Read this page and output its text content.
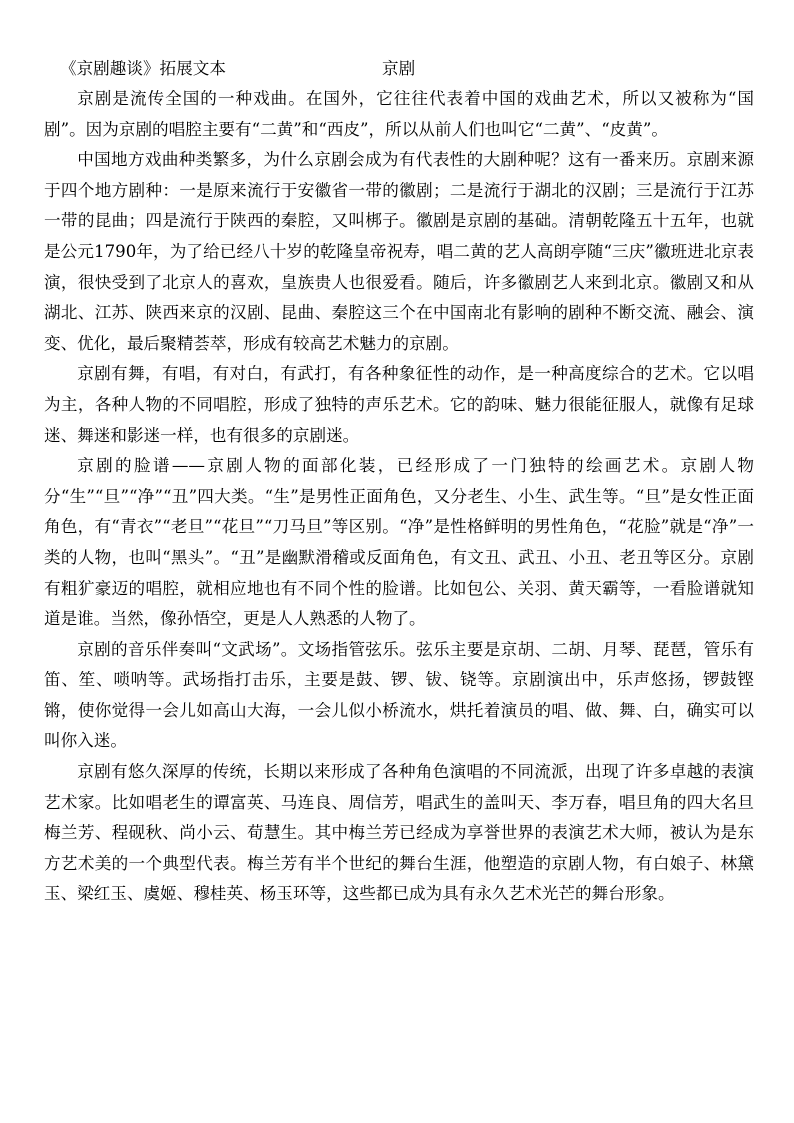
《京剧趣谈》拓展文本	京剧

京剧是流传全国的一种戏曲。在国外，它往往代表着中国的戏曲艺术，所以又被称为“国剧”。因为京剧的唱腔主要有“二黄”和“西皮”，所以从前人们也叫它“二黄”、“皮黄”。

中国地方戏曲种类繁多，为什么京剧会成为有代表性的大剧种呢？这有一番来历。京剧来源于四个地方剧种：一是原来流行于安徽省一带的徽剧；二是流行于湖北的汉剧；三是流行于江苏一带的昆曲；四是流行于陕西的秦腔，又叫梆子。徽剧是京剧的基础。清朝乾隆五十五年，也就是公元1790年，为了给已经八十岁的乾隆皇帝祝寿，唱二黄的艺人高朗亭随“三庆”徽班进北京表演，很快受到了北京人的喜欢，皇族贵人也很爱看。随后，许多徽剧艺人来到北京。徽剧又和从湖北、江苏、陕西来京的汉剧、昆曲、秦腔这三个在中国南北有影响的剧种不断交流、融会、演变、优化，最后聚精荟萃，形成有较高艺术魅力的京剧。

京剧有舞，有唱，有对白，有武打，有各种象征性的动作，是一种高度综合的艺术。它以唱为主，各种人物的不同唱腔，形成了独特的声乐艺术。它的韵味、魅力很能征服人，就像有足球迷、舞迷和影迷一样，也有很多的京剧迷。

京剧的脸谱——京剧人物的面部化装，已经形成了一门独特的绘画艺术。京剧人物分“生”“旦”“净”“丑”四大类。“生”是男性正面角色，又分老生、小生、武生等。“旦”是女性正面角色，有“青衣”“老旦”“花旦”“刀马旦”等区别。“净”是性格鲜明的男性角色，“花脸”就是“净”一类的人物，也叫“黑头”。“丑”是幽默滑稽或反面角色，有文丑、武丑、小丑、老丑等区分。京剧有粗犷豪迈的唱腔，就相应地也有不同个性的脸谱。比如包公、关羽、黄天霸等，一看脸谱就知道是谁。当然，像孙悟空，更是人人熟悉的人物了。

京剧的音乐伴奏叫“文武场”。文场指管弦乐。弦乐主要是京胡、二胡、月琴、琵琶，管乐有笛、笙、唢呐等。武场指打击乐，主要是鼓、锣、钹、铙等。京剧演出中，乐声悠扬，锣鼓铿锵，使你觉得一会儿如高山大海，一会儿似小桥流水，烘托着演员的唱、做、舞、白，确实可以叫你入迷。

京剧有悠久深厚的传统，长期以来形成了各种角色演唱的不同流派，出现了许多卓越的表演艺术家。比如唱老生的谭富英、马连良、周信芳，唱武生的盖叫天、李万春，唱旦角的四大名旦梅兰芳、程砚秋、尚小云、荀慧生。其中梅兰芳已经成为享誉世界的表演艺术大师，被认为是东方艺术美的一个典型代表。梅兰芳有半个世纪的舞台生涯，他塑造的京剧人物，有白娘子、林黛玉、梁红玉、虞姬、穆桂英、杨玉环等，这些都已成为具有永久艺术光芒的舞台形象。
